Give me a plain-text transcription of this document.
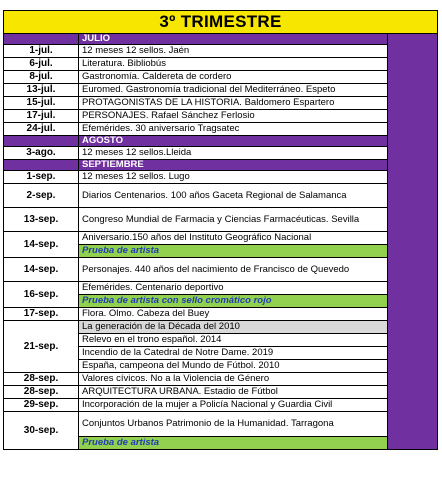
3º TRIMESTRE		
	JULIO	
1-jul.	12 meses 12 sellos. Jaén	
6-jul.	Literatura. Bibliobús	
8-jul.	Gastronomía. Caldereta de cordero	
13-jul.	Euromed. Gastronomía tradicional del Mediterráneo. Espeto	
15-jul.	PROTAGONISTAS DE LA HISTORIA. Baldomero Espartero	
17-jul.	PERSONAJES. Rafael Sánchez Ferlosio	
24-jul.	Efemérides. 30 aniversario Tragsatec	
	AGOSTO	
3-ago.	12 meses 12 sellos.Lleida	
	SEPTIEMBRE	
1-sep.	12 meses 12 sellos. Lugo	
2-sep.	Diarios Centenarios. 100 años Gaceta Regional de Salamanca	
13-sep.	Congreso Mundial de Farmacia y Ciencias Farmacéuticas. Sevilla	
14-sep.	Aniversario.150 años del Instituto Geográfico Nacional	
	Prueba de artista	
14-sep.	Personajes. 440 años del nacimiento de Francisco de Quevedo	
16-sep.	Efemérides. Centenario deportivo	
	Prueba de artista con sello cromático rojo	
17-sep.	Flora. Olmo. Cabeza del Buey	
21-sep.	La generación de la Década del 2010	
	Relevo en el trono español. 2014	
	Incendio de la Catedral de Notre Dame. 2019	
	España, campeona del Mundo de Fútbol. 2010	
28-sep.	Valores cívicos. No a la Violencia de Género	
28-sep.	ARQUITECTURA URBANA. Estadio de Fútbol	
29-sep.	Incorporación de la mujer a Policía Nacional y Guardia Civil	
30-sep.	Conjuntos Urbanos Patrimonio de la Humanidad. Tarragona	
	Prueba de artista	
